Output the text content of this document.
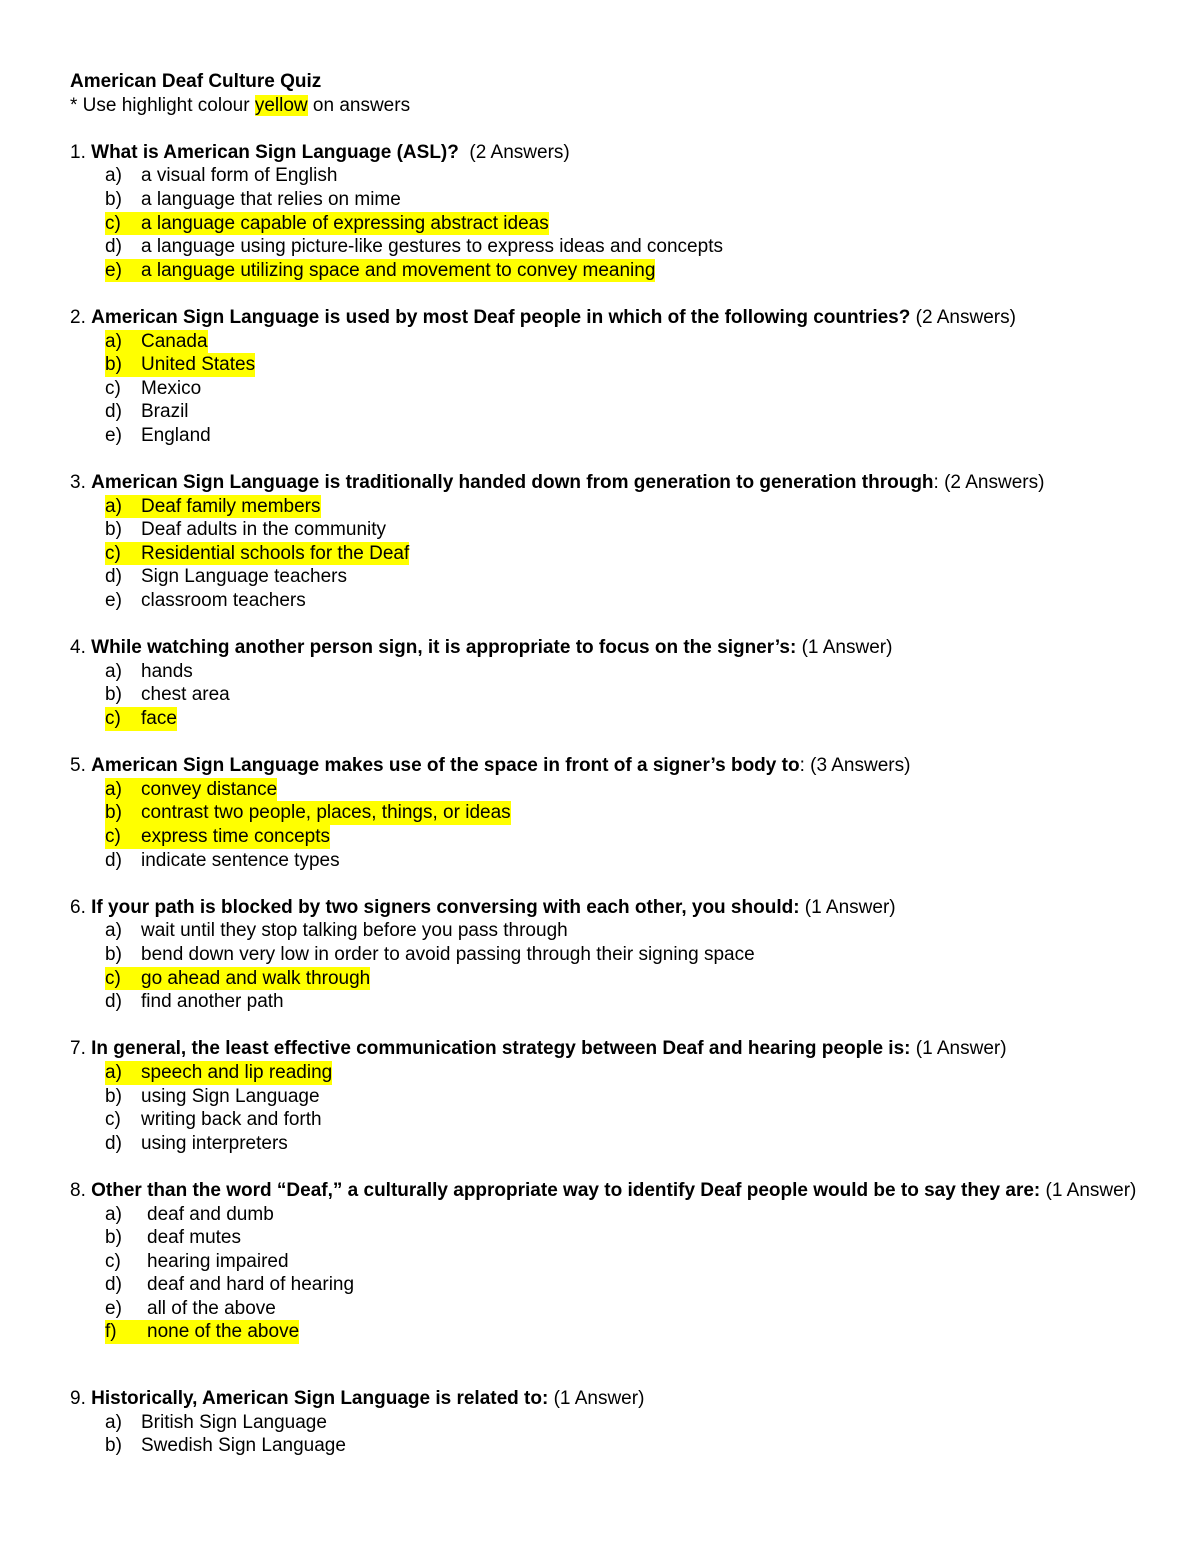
American Deaf Culture Quiz
* Use highlight colour yellow on answers
1. What is American Sign Language (ASL)?  (2 Answers)
a)	a visual form of English
b)	a language that relies on mime
c)	a language capable of expressing abstract ideas
d)	a language using picture-like gestures to express ideas and concepts
e)	a language utilizing space and movement to convey meaning
2. American Sign Language is used by most Deaf people in which of the following countries? (2 Answers)
a)	Canada
b)	United States
c)	Mexico
d)	Brazil
e)	England
3. American Sign Language is traditionally handed down from generation to generation through: (2 Answers)
a)	Deaf family members
b)	Deaf adults in the community
c)	Residential schools for the Deaf
d)	Sign Language teachers
e)	classroom teachers
4. While watching another person sign, it is appropriate to focus on the signer’s: (1 Answer)
a)	hands
b)	chest area
c)	face
5. American Sign Language makes use of the space in front of a signer’s body to: (3 Answers)
a)	convey distance
b)	contrast two people, places, things, or ideas
c)	express time concepts
d)	indicate sentence types
6. If your path is blocked by two signers conversing with each other, you should: (1 Answer)
a)	wait until they stop talking before you pass through
b)	bend down very low in order to avoid passing through their signing space
c)	go ahead and walk through
d)	find another path
7. In general, the least effective communication strategy between Deaf and hearing people is: (1 Answer)
a)	speech and lip reading
b)	using Sign Language
c)	writing back and forth
d)	using interpreters
8. Other than the word “Deaf,” a culturally appropriate way to identify Deaf people would be to say they are: (1 Answer)
a)	deaf and dumb
b)	deaf mutes
c)	hearing impaired
d)	deaf and hard of hearing
e)	all of the above
f)	none of the above
9. Historically, American Sign Language is related to: (1 Answer)
a)	British Sign Language
b)	Swedish Sign Language
